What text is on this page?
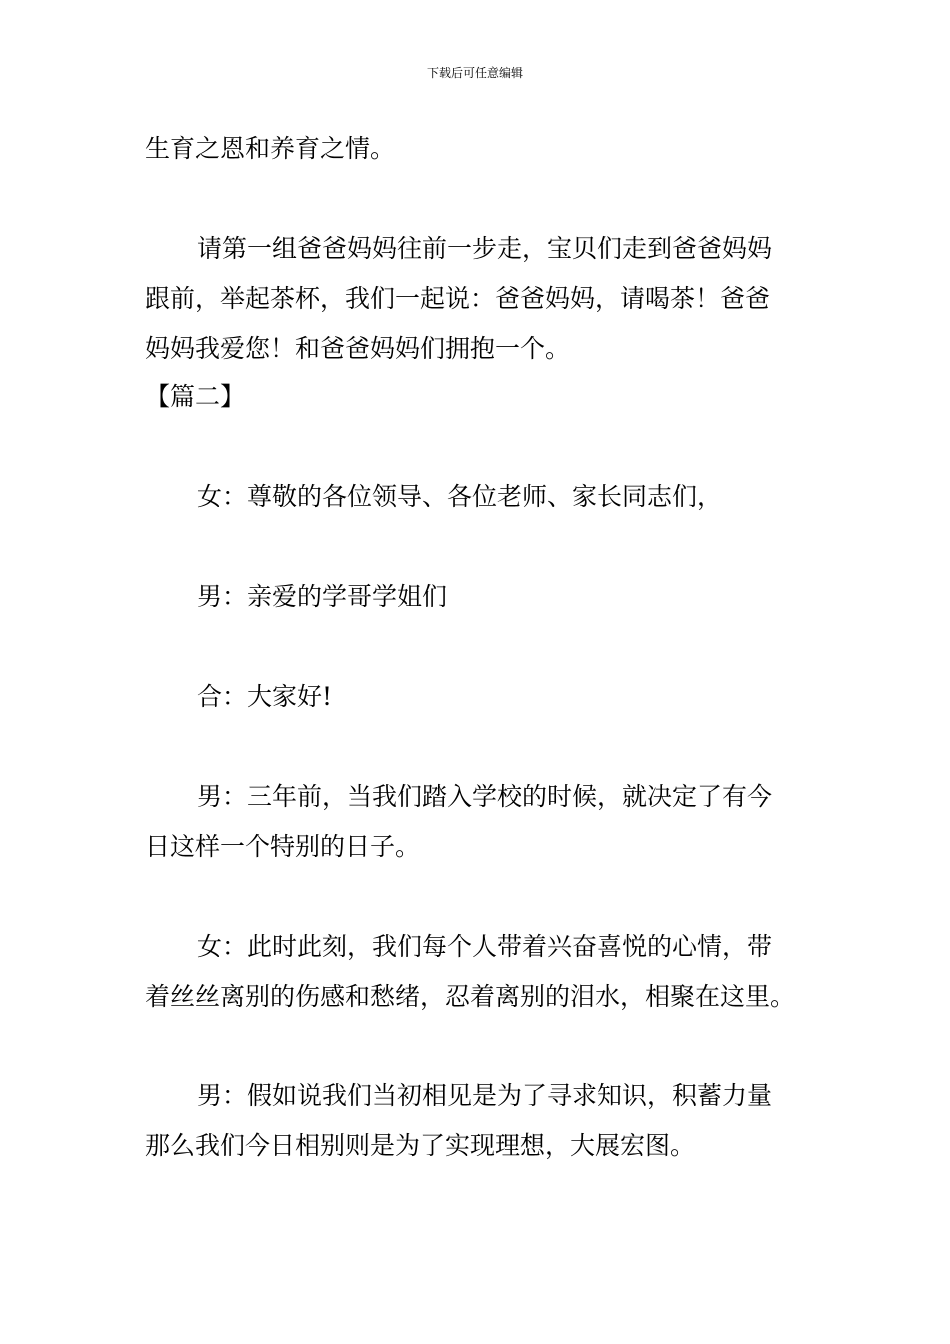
下载后可任意编辑
生育之恩和养育之情。
请第一组爸爸妈妈往前一步走，宝贝们走到爸爸妈妈
跟前，举起茶杯，我们一起说：爸爸妈妈，请喝茶！爸爸
妈妈我爱您！和爸爸妈妈们拥抱一个。
【篇二】
女：尊敬的各位领导、各位老师、家长同志们，
男：亲爱的学哥学姐们
合：大家好!
男：三年前，当我们踏入学校的时候，就决定了有今
日这样一个特别的日子。
女：此时此刻，我们每个人带着兴奋喜悦的心情，带
着丝丝离别的伤感和愁绪，忍着离别的泪水，相聚在这里。
男：假如说我们当初相见是为了寻求知识，积蓄力量
那么我们今日相别则是为了实现理想，大展宏图。
